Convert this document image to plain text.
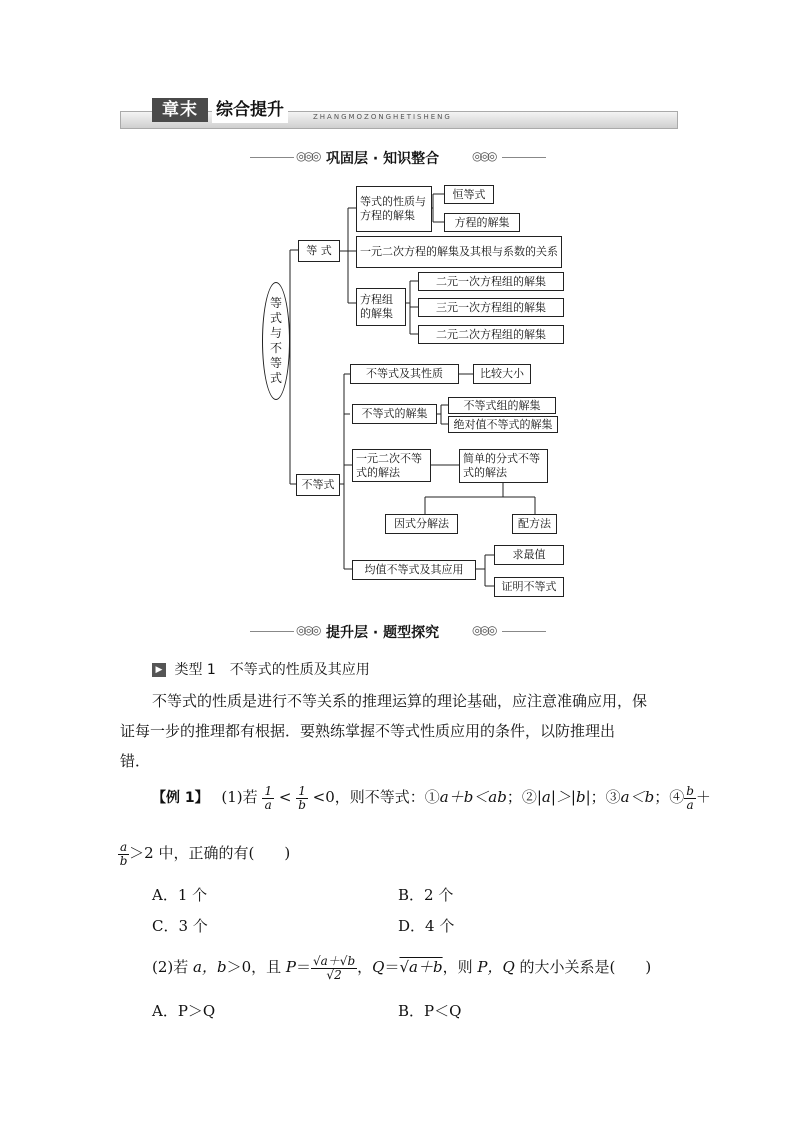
ZHANGMOZONGHETISHENG
章末	综合提升
◎◎◎ 巩固层 · 知识整合	◎◎◎
等式与不等式
等 式
等式的性质与方程的解集
恒等式
方程的解集
一元二次方程的解集及其根与系数的关系
方程组的解集
二元一次方程组的解集
三元一次方程组的解集
二元二次方程组的解集
不等式
不等式及其性质	比较大小
不等式的解集
不等式组的解集
绝对值不等式的解集
一元二次不等式的解法
简单的分式不等式的解法
因式分解法	配方法
均值不等式及其应用
求最值
证明不等式
◎◎◎ 提升层 · 题型探究	◎◎◎
▶ 类型 1　不等式的性质及其应用
不等式的性质是进行不等关系的推理运算的理论基础，应注意准确应用，保
证每一步的推理都有根据．要熟练掌握不等式性质应用的条件，以防推理出
错．
【例 1】 (1)若 $\frac{1}{a} < \frac{1}{b} <0$，则不等式：①a＋b＜ab；②|a|＞|b|；③a＜b；④ $\frac{b}{a}$ ＋
$\frac{a}{b} >2$ 中，正确的有(　　)
A．1 个	B．2 个
C．3 个	D．4 个
(2)若 a，b＞0，且 $P= \frac{√a+√b}{√2}$ ，Q＝√a＋b，则 P，Q 的大小关系是(　　)
A．P＞Q	B．P＜Q
